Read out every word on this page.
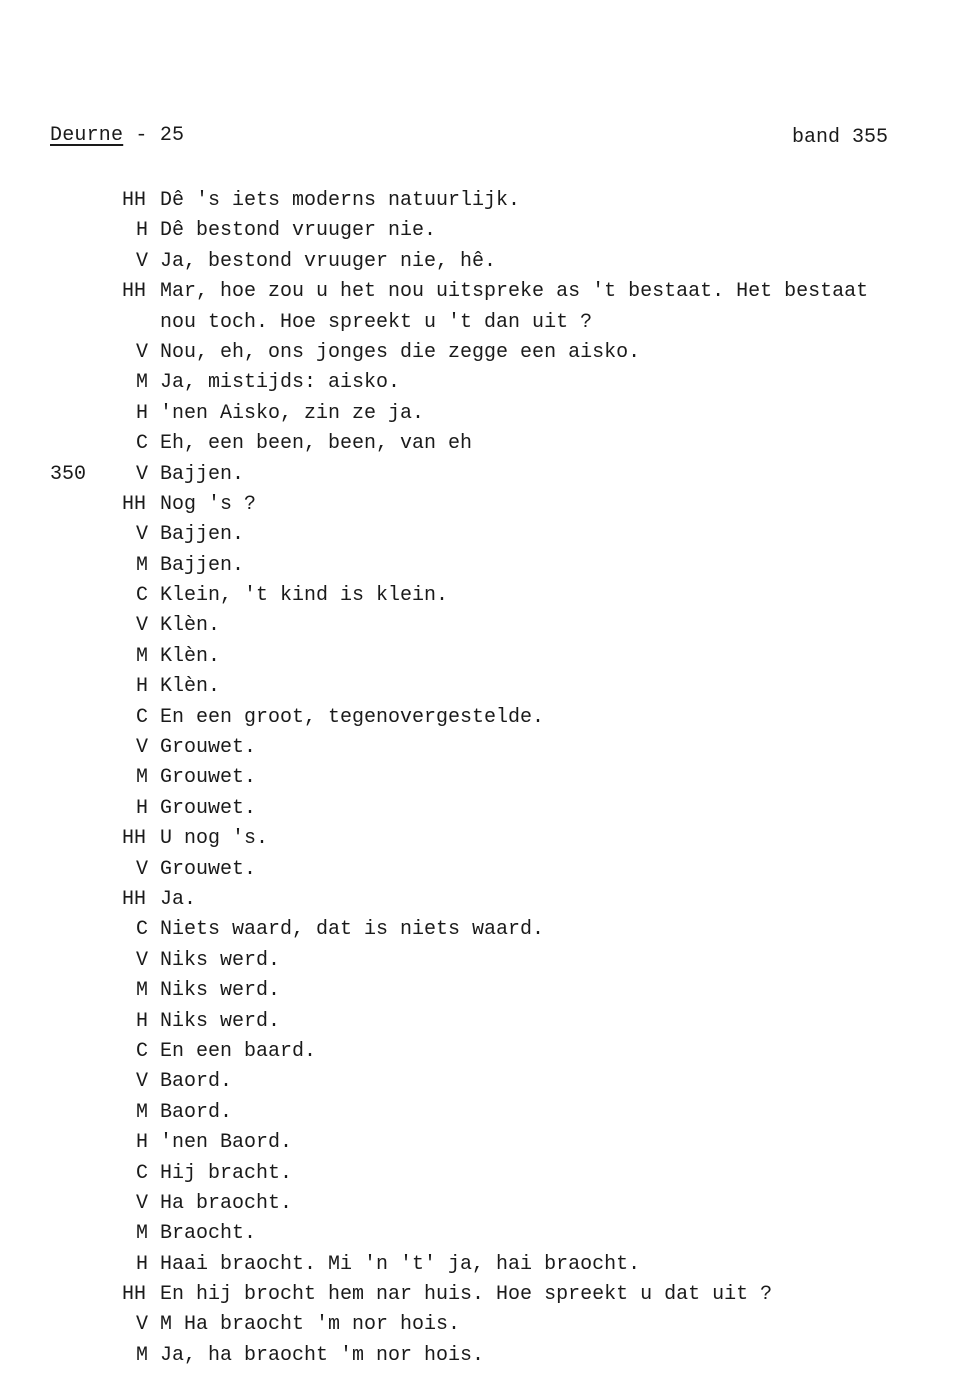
Deurne - 25	band 355
HH Dê 's iets moderns natuurlijk.
H Dê bestond vruuger nie.
V Ja, bestond vruuger nie, hê.
HH Mar, hoe zou u het nou uitspreke as 't bestaat. Het bestaat
nou toch. Hoe spreekt u 't dan uit ?
V Nou, eh, ons jonges die zegge een aisko.
M Ja, mistijds: aisko.
H 'nen Aisko, zin ze ja.
C Eh, een been, been, van eh
350 V Bajjen.
HH Nog 's ?
V Bajjen.
M Bajjen.
C Klein, 't kind is klein.
V Klèn.
M Klèn.
H Klèn.
C En een groot, tegenovergestelde.
V Grouwet.
M Grouwet.
H Grouwet.
HH U nog 's.
V Grouwet.
HH Ja.
C Niets waard, dat is niets waard.
V Niks werd.
M Niks werd.
H Niks werd.
C En een baard.
V Baord.
M Baord.
H 'nen Baord.
C Hij bracht.
V Ha braocht.
M Braocht.
H Haai braocht. Mi 'n 't' ja, hai braocht.
HH En hij brocht hem nar huis. Hoe spreekt u dat uit ?
V M Ha braocht 'm nor hois.
M Ja, ha braocht 'm nor hois.
